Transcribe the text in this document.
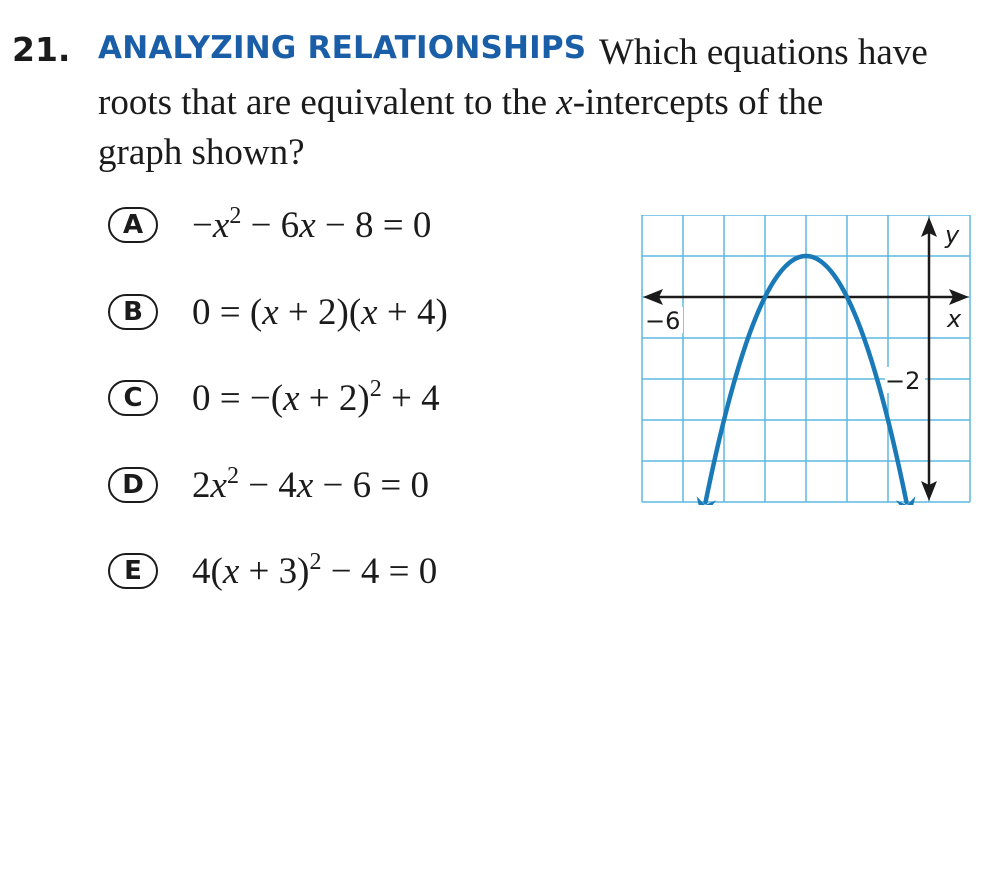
21. ANALYZING RELATIONSHIPS Which equations have
roots that are equivalent to the x-intercepts of the
graph shown?
A	$-x^2 - 6x - 8 = 0$
B	0 = (x + 2)(x + 4)
C	$0 = -(x + 2)^2 + 4$
D	$2x^2 - 4x - 6 = 0$
E	$4(x + 3)^2 - 4 = 0$
−6
−2
y
x
